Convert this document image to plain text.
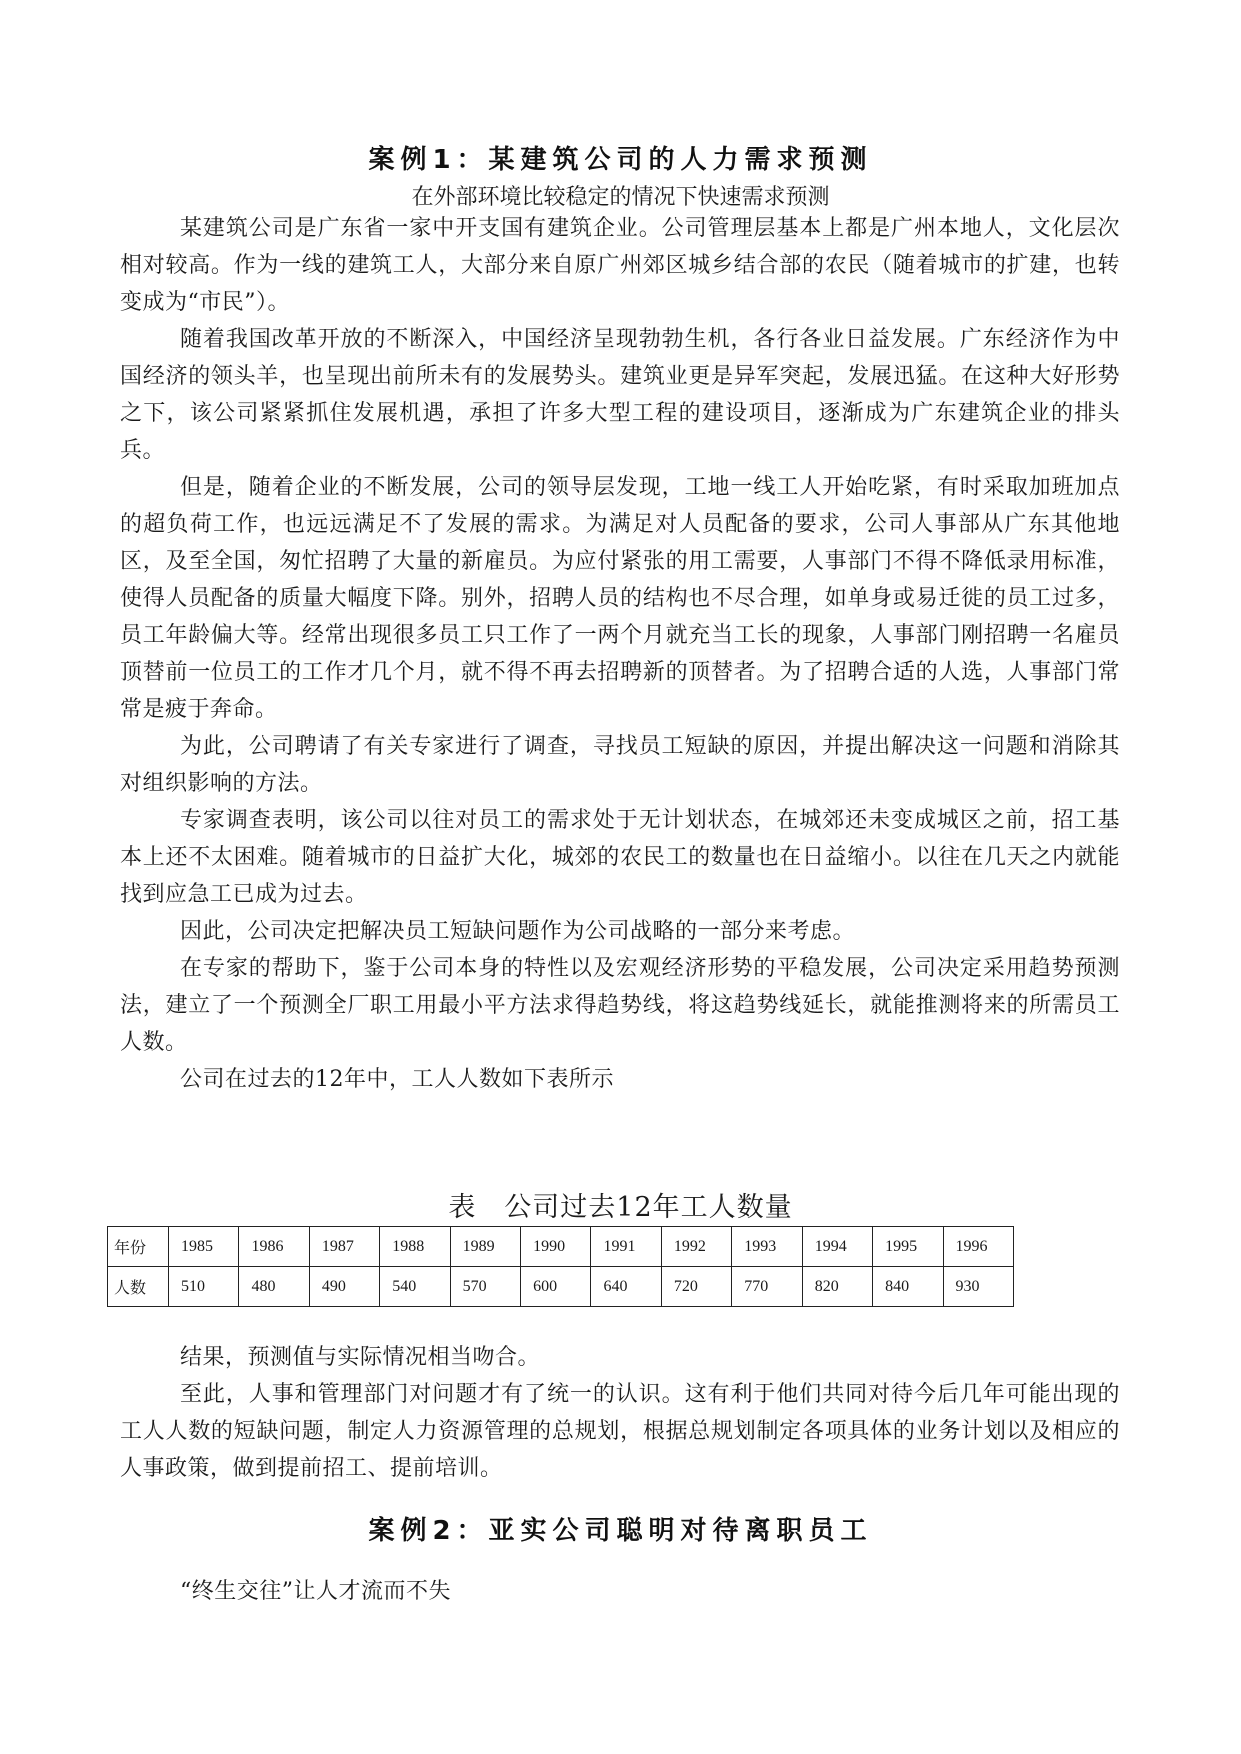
案例1：某建筑公司的人力需求预测
在外部环境比较稳定的情况下快速需求预测

某建筑公司是广东省一家中开支国有建筑企业。公司管理层基本上都是广州本地人，文化层次相对较高。作为一线的建筑工人，大部分来自原广州郊区城乡结合部的农民（随着城市的扩建，也转变成为“市民”）。

随着我国改革开放的不断深入，中国经济呈现勃勃生机，各行各业日益发展。广东经济作为中国经济的领头羊，也呈现出前所未有的发展势头。建筑业更是异军突起，发展迅猛。在这种大好形势之下，该公司紧紧抓住发展机遇，承担了许多大型工程的建设项目，逐渐成为广东建筑企业的排头兵。

但是，随着企业的不断发展，公司的领导层发现，工地一线工人开始吃紧，有时采取加班加点的超负荷工作，也远远满足不了发展的需求。为满足对人员配备的要求，公司人事部从广东其他地区，及至全国，匆忙招聘了大量的新雇员。为应付紧张的用工需要，人事部门不得不降低录用标准，使得人员配备的质量大幅度下降。别外，招聘人员的结构也不尽合理，如单身或易迁徙的员工过多，员工年龄偏大等。经常出现很多员工只工作了一两个月就充当工长的现象，人事部门刚招聘一名雇员顶替前一位员工的工作才几个月，就不得不再去招聘新的顶替者。为了招聘合适的人选，人事部门常常是疲于奔命。

为此，公司聘请了有关专家进行了调查，寻找员工短缺的原因，并提出解决这一问题和消除其对组织影响的方法。

专家调查表明，该公司以往对员工的需求处于无计划状态，在城郊还未变成城区之前，招工基本上还不太困难。随着城市的日益扩大化，城郊的农民工的数量也在日益缩小。以往在几天之内就能找到应急工已成为过去。

因此，公司决定把解决员工短缺问题作为公司战略的一部分来考虑。

在专家的帮助下，鉴于公司本身的特性以及宏观经济形势的平稳发展，公司决定采用趋势预测法，建立了一个预测全厂职工用最小平方法求得趋势线，将这趋势线延长，就能推测将来的所需员工人数。

公司在过去的12年中，工人人数如下表所示

表　公司过去12年工人数量
年份	1985	1986	1987	1988	1989	1990	1991	1992	1993	1994	1995	1996
人数	510	480	490	540	570	600	640	720	770	820	840	930

结果，预测值与实际情况相当吻合。

至此，人事和管理部门对问题才有了统一的认识。这有利于他们共同对待今后几年可能出现的工人人数的短缺问题，制定人力资源管理的总规划，根据总规划制定各项具体的业务计划以及相应的人事政策，做到提前招工、提前培训。

案例2：亚实公司聪明对待离职员工

“终生交往”让人才流而不失
